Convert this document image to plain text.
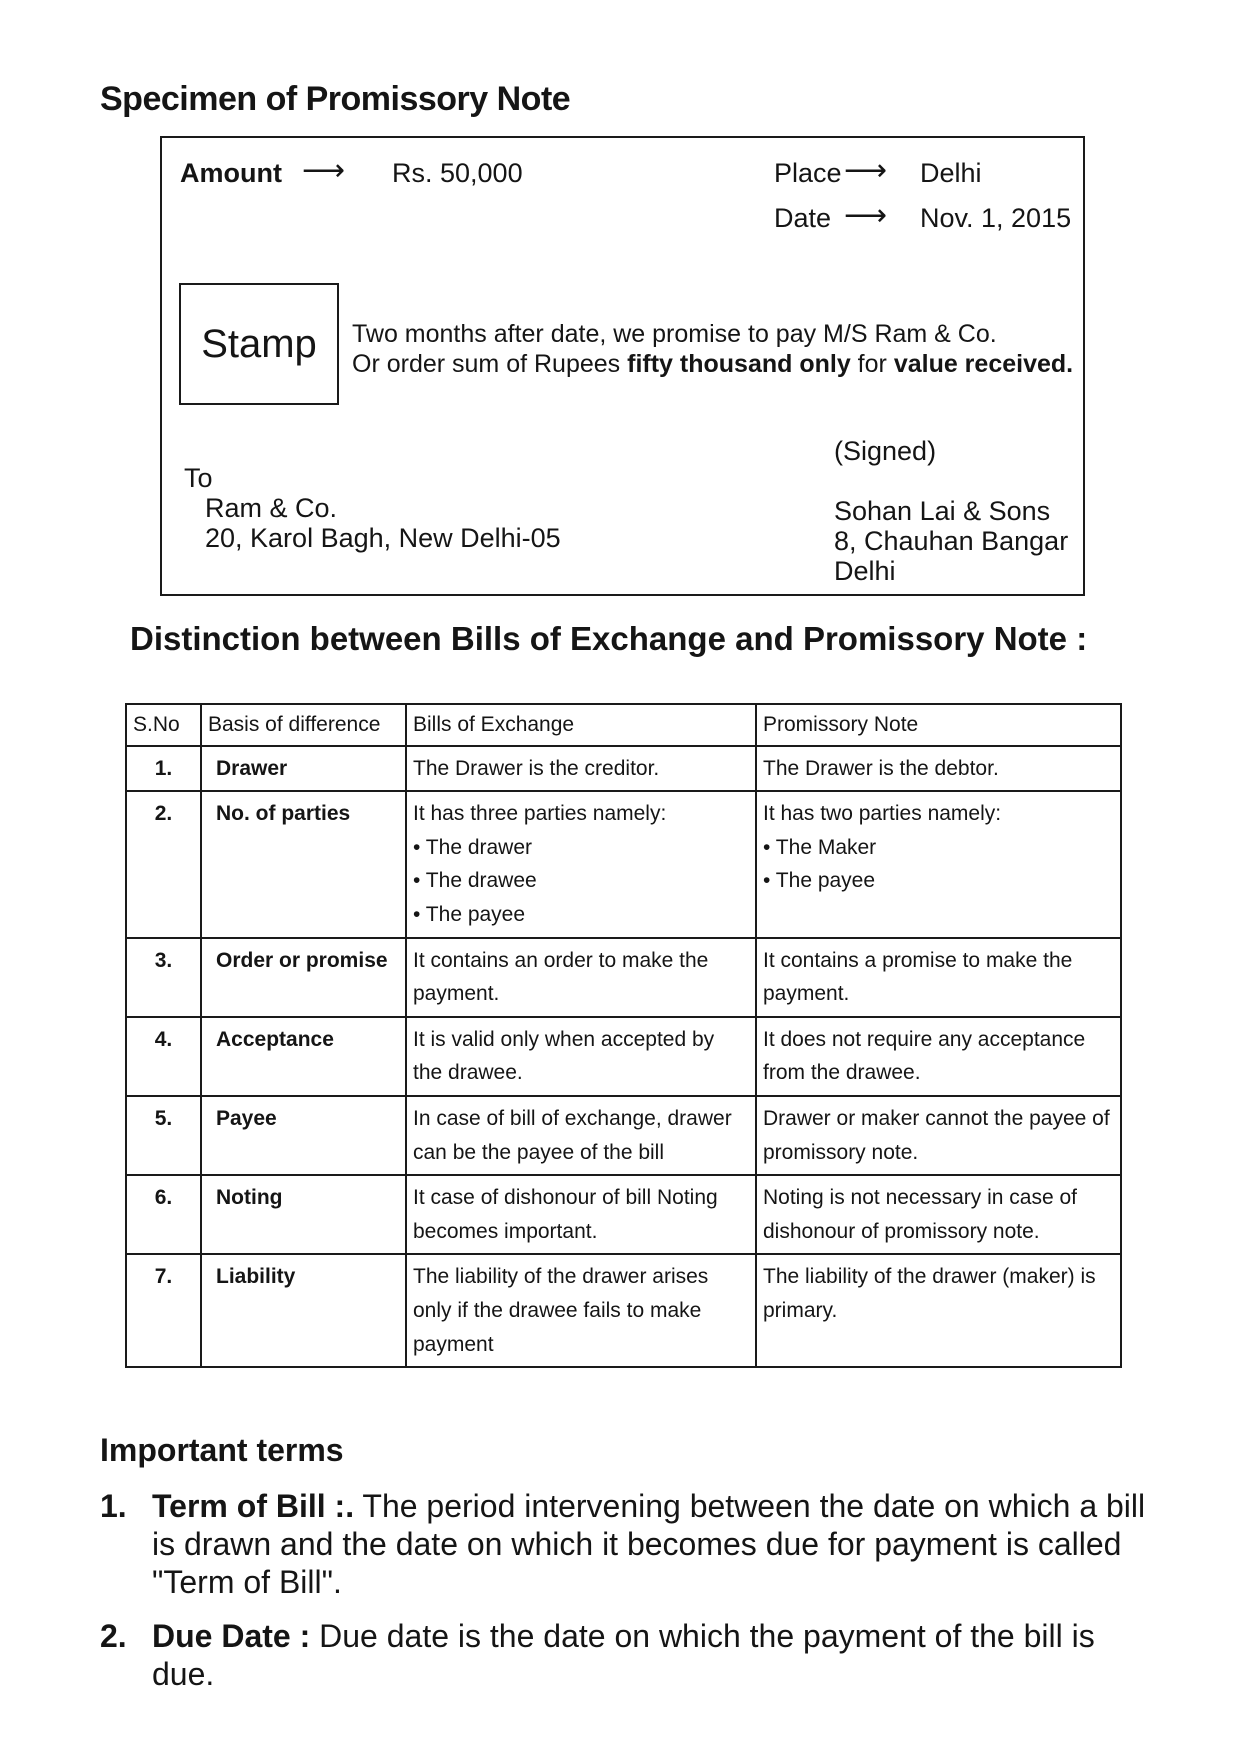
Specimen of Promissory Note
Amount ⟶ Rs. 50,000	Place ⟶ Delhi
Date ⟶ Nov. 1, 2015
Stamp Two months after date, we promise to pay M/S Ram & Co.
Or order sum of Rupees fifty thousand only for value received.
(Signed)
To
Ram & Co.
20, Karol Bagh, New Delhi-05
Sohan Lai & Sons
8, Chauhan Bangar
Delhi
Distinction between Bills of Exchange and Promissory Note :
S.No	Basis of difference	Bills of Exchange	Promissory Note
1.	Drawer	The Drawer is the creditor.	The Drawer is the debtor.

2.	No. of parties	It has three parties namely:
• The drawer
• The drawee
• The payee	It has two parties namely:
• The Maker
• The payee

3.	Order or promise	It contains an order to make the payment.	It contains a promise to make the payment.

4.	Acceptance	It is valid only when accepted by the drawee.	It does not require any acceptance from the drawee.

5.	Payee	In case of bill of exchange, drawer can be the payee of the bill	Drawer or maker cannot the payee of promissory note.

6.	Noting	It case of dishonour of bill Noting becomes important.	Noting is not necessary in case of dishonour of promissory note.

7.	Liability	The liability of the drawer arises only if the drawee fails to make payment	The liability of the drawer (maker) is primary.
Important terms
1. Term of Bill :. The period intervening between the date on which a bill is drawn and the date on which it becomes due for payment is called "Term of Bill".
2. Due Date : Due date is the date on which the payment of the bill is due.
